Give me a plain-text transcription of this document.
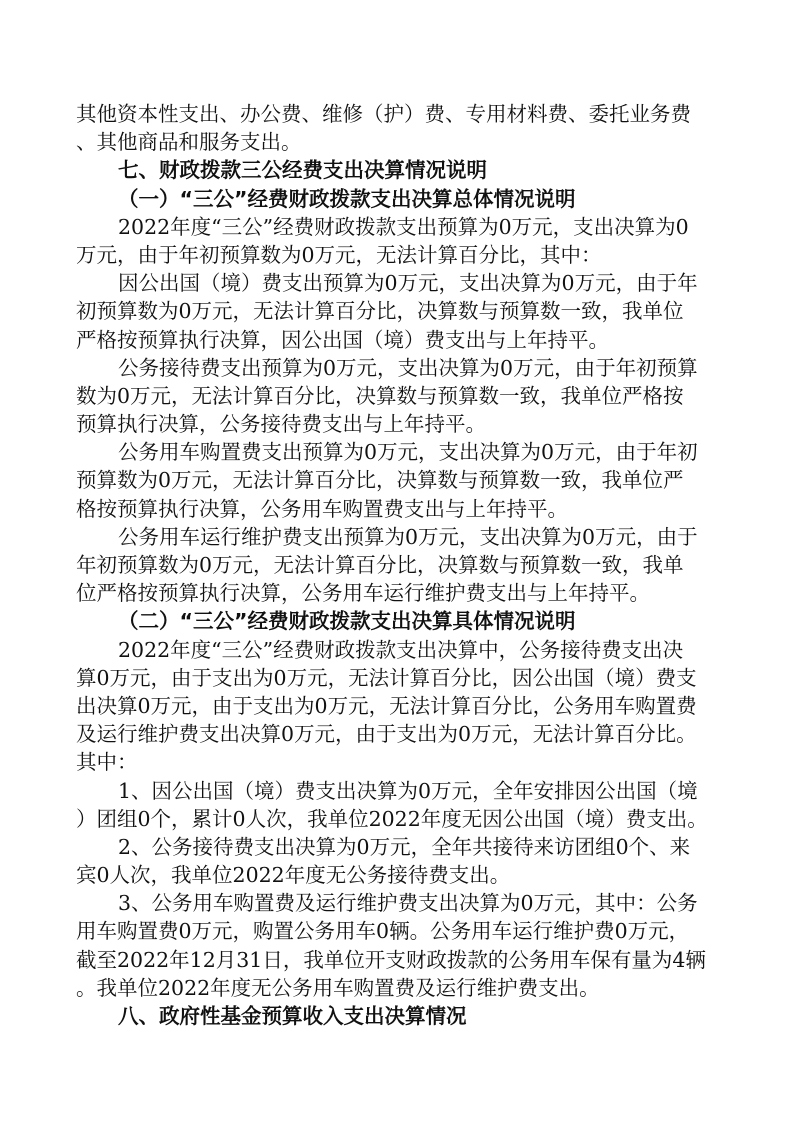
其他资本性支出、办公费、维修（护）费、专用材料费、委托业务费
、其他商品和服务支出。
七、财政拨款三公经费支出决算情况说明
（一）“三公”经费财政拨款支出决算总体情况说明
2022年度“三公”经费财政拨款支出预算为0万元，支出决算为0
万元，由于年初预算数为0万元，无法计算百分比，其中：
因公出国（境）费支出预算为0万元，支出决算为0万元，由于年
初预算数为0万元，无法计算百分比，决算数与预算数一致，我单位
严格按预算执行决算，因公出国（境）费支出与上年持平。
公务接待费支出预算为0万元，支出决算为0万元，由于年初预算
数为0万元，无法计算百分比，决算数与预算数一致，我单位严格按
预算执行决算，公务接待费支出与上年持平。
公务用车购置费支出预算为0万元，支出决算为0万元，由于年初
预算数为0万元，无法计算百分比，决算数与预算数一致，我单位严
格按预算执行决算，公务用车购置费支出与上年持平。
公务用车运行维护费支出预算为0万元，支出决算为0万元，由于
年初预算数为0万元，无法计算百分比，决算数与预算数一致，我单
位严格按预算执行决算，公务用车运行维护费支出与上年持平。
（二）“三公”经费财政拨款支出决算具体情况说明
2022年度“三公”经费财政拨款支出决算中，公务接待费支出决
算0万元，由于支出为0万元，无法计算百分比，因公出国（境）费支
出决算0万元，由于支出为0万元，无法计算百分比，公务用车购置费
及运行维护费支出决算0万元，由于支出为0万元，无法计算百分比。
其中：
1、因公出国（境）费支出决算为0万元，全年安排因公出国（境
）团组0个，累计0人次，我单位2022年度无因公出国（境）费支出。
2、公务接待费支出决算为0万元，全年共接待来访团组0个、来
宾0人次，我单位2022年度无公务接待费支出。
3、公务用车购置费及运行维护费支出决算为0万元，其中：公务
用车购置费0万元，购置公务用车0辆。公务用车运行维护费0万元，
截至2022年12月31日，我单位开支财政拨款的公务用车保有量为4辆
。我单位2022年度无公务用车购置费及运行维护费支出。
八、政府性基金预算收入支出决算情况
